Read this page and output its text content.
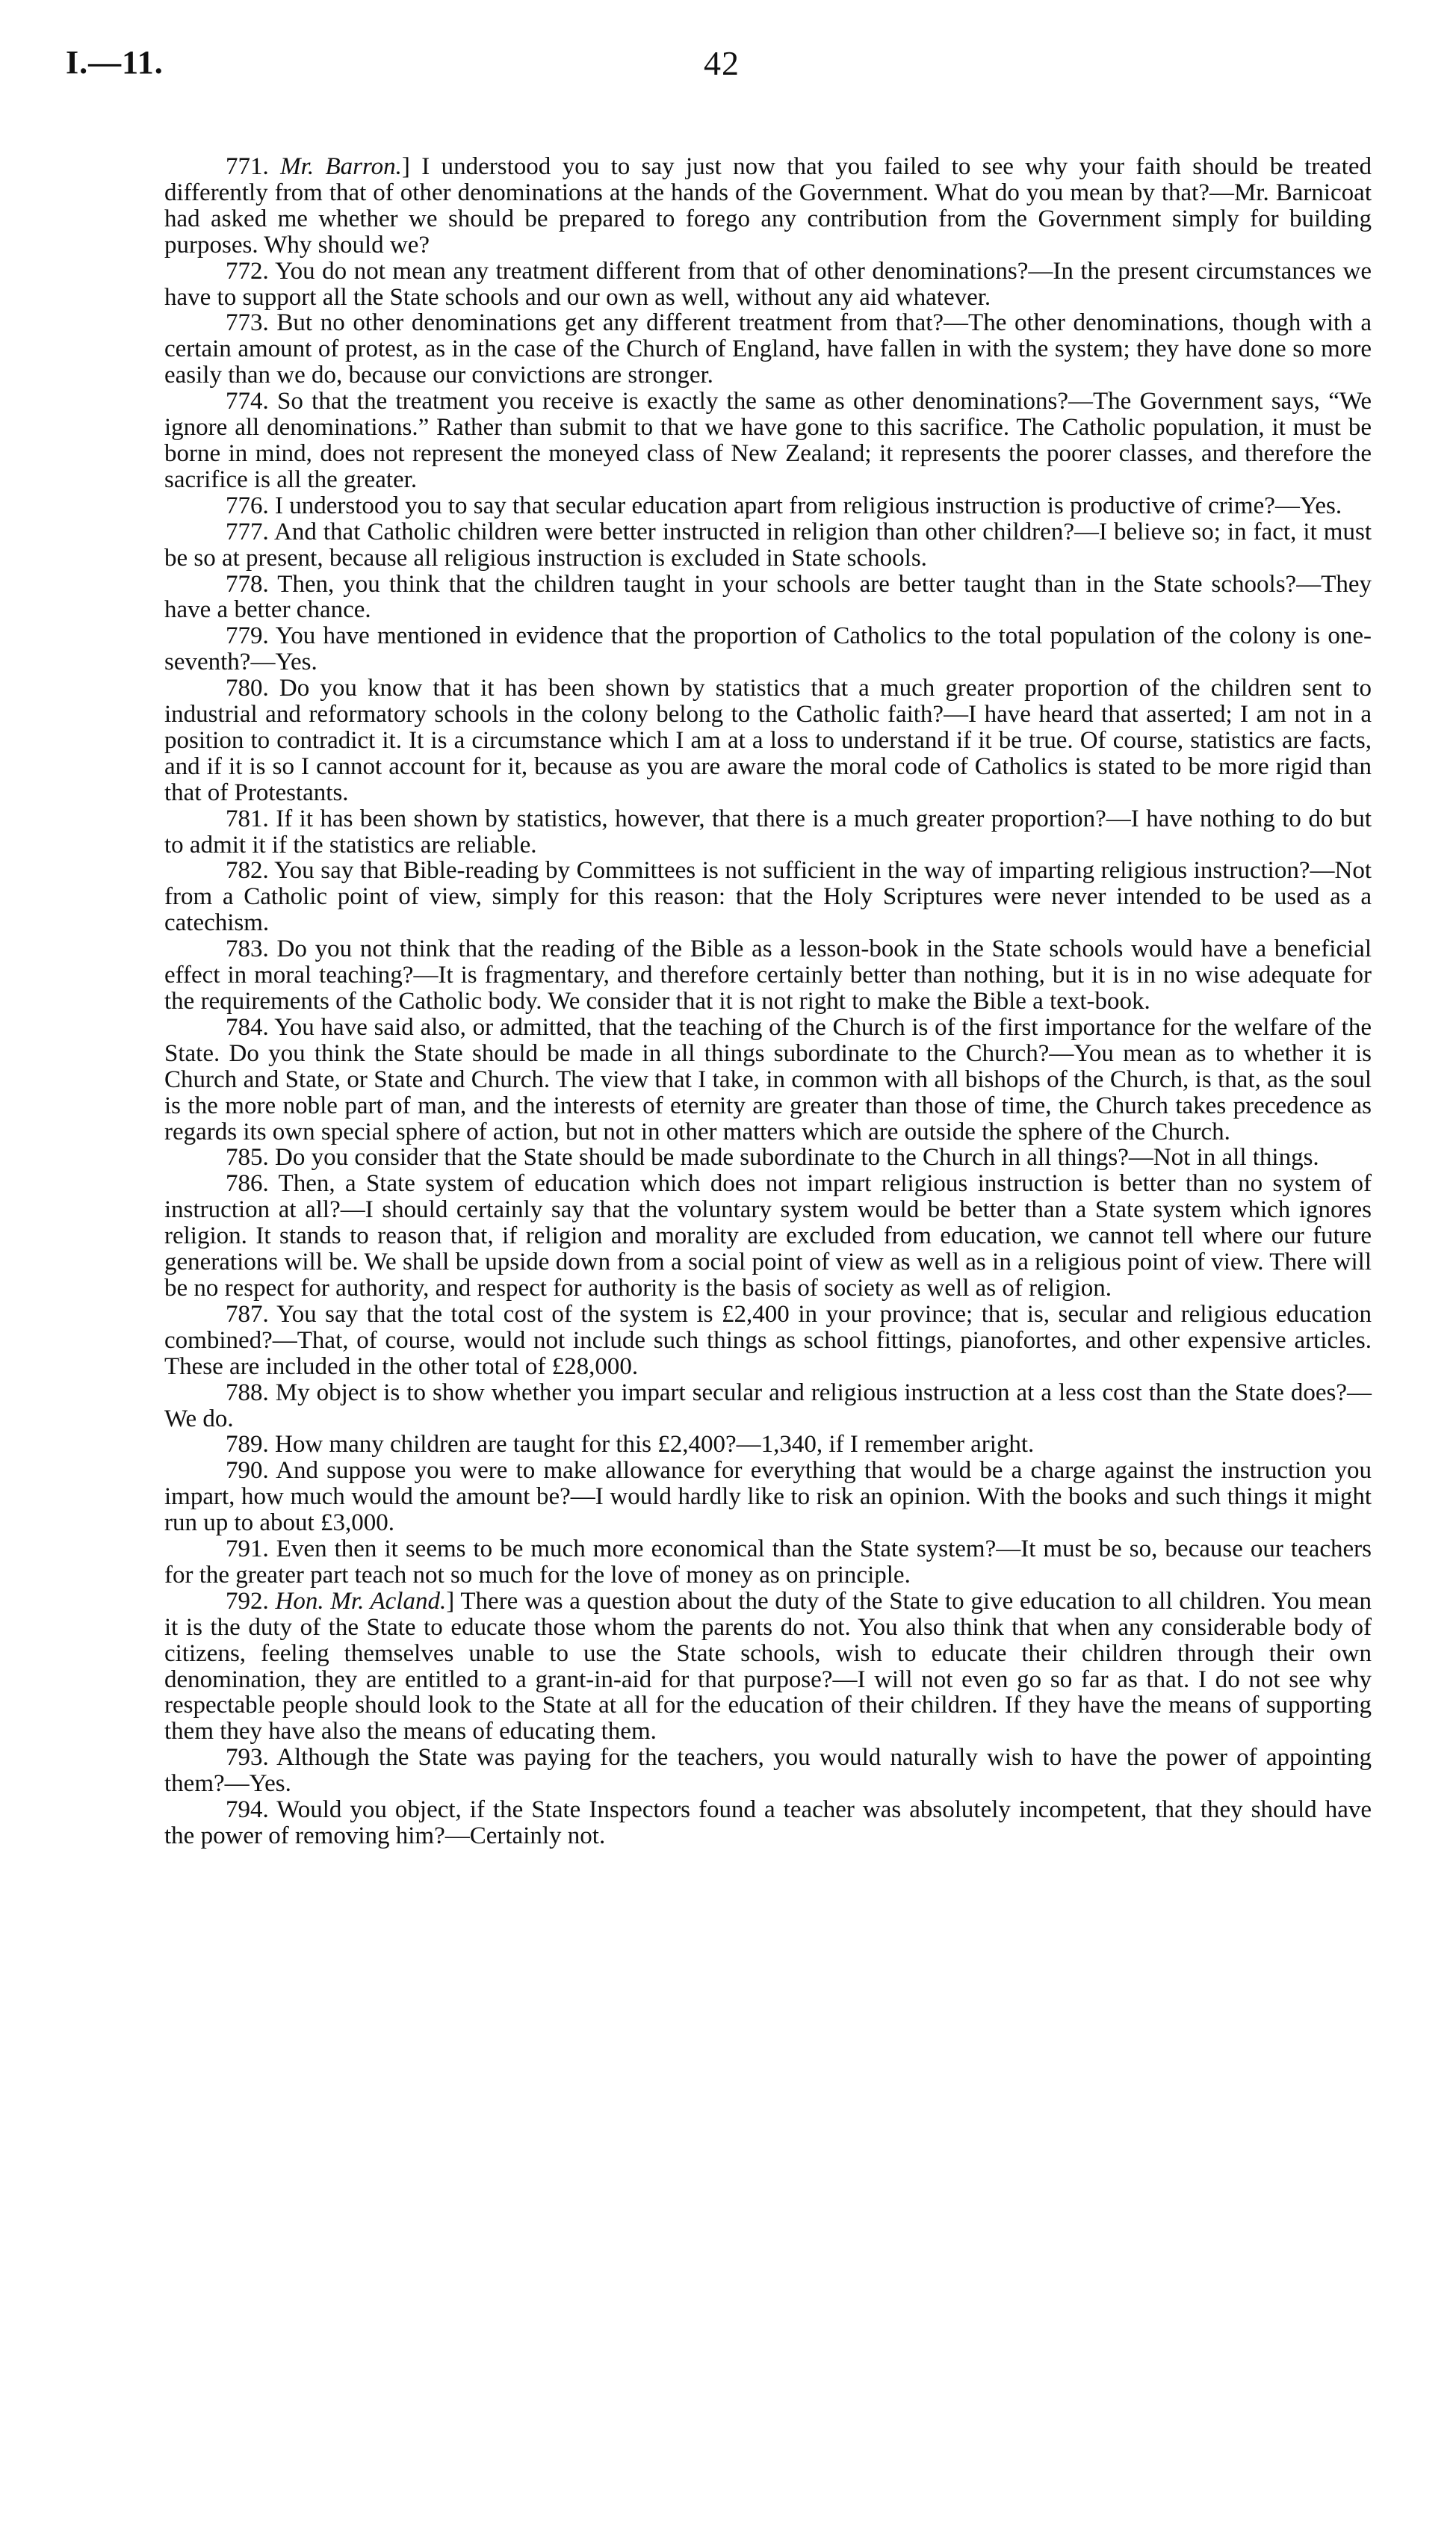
I.—11.	42

771. Mr. Barron.] I understood you to say just now that you failed to see why your faith should be treated differently from that of other denominations at the hands of the Government. What do you mean by that?—Mr. Barnicoat had asked me whether we should be prepared to forego any contribution from the Government simply for building purposes. Why should we?

772. You do not mean any treatment different from that of other denominations?—In the present circumstances we have to support all the State schools and our own as well, without any aid whatever.

773. But no other denominations get any different treatment from that?—The other denominations, though with a certain amount of protest, as in the case of the Church of England, have fallen in with the system; they have done so more easily than we do, because our convictions are stronger.

774. So that the treatment you receive is exactly the same as other denominations?—The Government says, “We ignore all denominations.” Rather than submit to that we have gone to this sacrifice. The Catholic population, it must be borne in mind, does not represent the moneyed class of New Zealand; it represents the poorer classes, and therefore the sacrifice is all the greater.

776. I understood you to say that secular education apart from religious instruction is productive of crime?—Yes.

777. And that Catholic children were better instructed in religion than other children?—I believe so; in fact, it must be so at present, because all religious instruction is excluded in State schools.

778. Then, you think that the children taught in your schools are better taught than in the State schools?—They have a better chance.

779. You have mentioned in evidence that the proportion of Catholics to the total population of the colony is one-seventh?—Yes.

780. Do you know that it has been shown by statistics that a much greater proportion of the children sent to industrial and reformatory schools in the colony belong to the Catholic faith?—I have heard that asserted; I am not in a position to contradict it. It is a circumstance which I am at a loss to understand if it be true. Of course, statistics are facts, and if it is so I cannot account for it, because as you are aware the moral code of Catholics is stated to be more rigid than that of Protestants.

781. If it has been shown by statistics, however, that there is a much greater proportion?—I have nothing to do but to admit it if the statistics are reliable.

782. You say that Bible-reading by Committees is not sufficient in the way of imparting religious instruction?—Not from a Catholic point of view, simply for this reason: that the Holy Scriptures were never intended to be used as a catechism.

783. Do you not think that the reading of the Bible as a lesson-book in the State schools would have a beneficial effect in moral teaching?—It is fragmentary, and therefore certainly better than nothing, but it is in no wise adequate for the requirements of the Catholic body. We consider that it is not right to make the Bible a text-book.

784. You have said also, or admitted, that the teaching of the Church is of the first importance for the welfare of the State. Do you think the State should be made in all things subordinate to the Church?—You mean as to whether it is Church and State, or State and Church. The view that I take, in common with all bishops of the Church, is that, as the soul is the more noble part of man, and the interests of eternity are greater than those of time, the Church takes precedence as regards its own special sphere of action, but not in other matters which are outside the sphere of the Church.

785. Do you consider that the State should be made subordinate to the Church in all things?—Not in all things.

786. Then, a State system of education which does not impart religious instruction is better than no system of instruction at all?—I should certainly say that the voluntary system would be better than a State system which ignores religion. It stands to reason that, if religion and morality are excluded from education, we cannot tell where our future generations will be. We shall be upside down from a social point of view as well as in a religious point of view. There will be no respect for authority, and respect for authority is the basis of society as well as of religion.

787. You say that the total cost of the system is £2,400 in your province; that is, secular and religious education combined?—That, of course, would not include such things as school fittings, pianofortes, and other expensive articles. These are included in the other total of £28,000.

788. My object is to show whether you impart secular and religious instruction at a less cost than the State does?—We do.

789. How many children are taught for this £2,400?—1,340, if I remember aright.

790. And suppose you were to make allowance for everything that would be a charge against the instruction you impart, how much would the amount be?—I would hardly like to risk an opinion. With the books and such things it might run up to about £3,000.

791. Even then it seems to be much more economical than the State system?—It must be so, because our teachers for the greater part teach not so much for the love of money as on principle.

792. Hon. Mr. Acland.] There was a question about the duty of the State to give education to all children. You mean it is the duty of the State to educate those whom the parents do not. You also think that when any considerable body of citizens, feeling themselves unable to use the State schools, wish to educate their children through their own denomination, they are entitled to a grant-in-aid for that purpose?—I will not even go so far as that. I do not see why respectable people should look to the State at all for the education of their children. If they have the means of supporting them they have also the means of educating them.

793. Although the State was paying for the teachers, you would naturally wish to have the power of appointing them?—Yes.

794. Would you object, if the State Inspectors found a teacher was absolutely incompetent, that they should have the power of removing him?—Certainly not.
